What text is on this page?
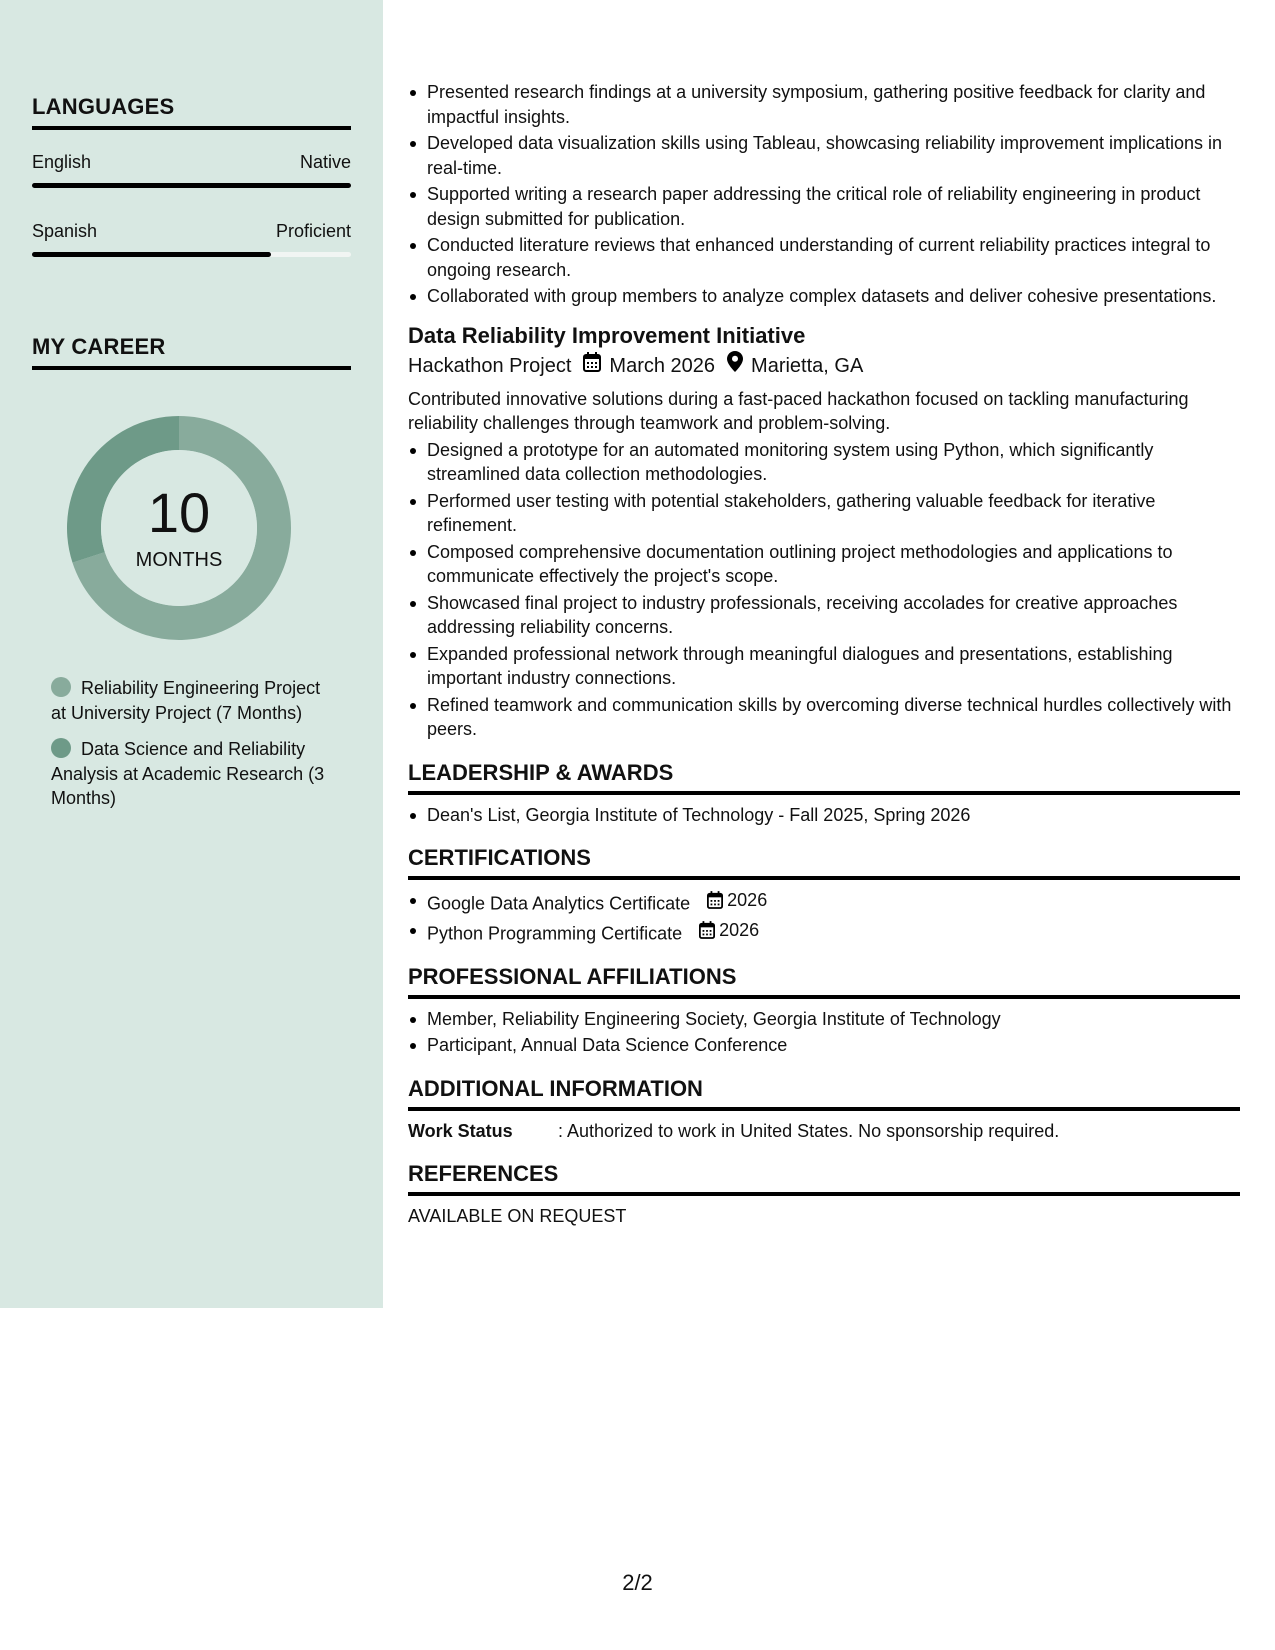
LANGUAGES
English	Native
Spanish	Proficient
MY CAREER
10
MONTHS
Reliability Engineering Project at University Project (7 Months)
Data Science and Reliability Analysis at Academic Research (3 Months)
Presented research findings at a university symposium, gathering positive feedback for clarity and impactful insights.
Developed data visualization skills using Tableau, showcasing reliability improvement implications in real-time.
Supported writing a research paper addressing the critical role of reliability engineering in product design submitted for publication.
Conducted literature reviews that enhanced understanding of current reliability practices integral to ongoing research.
Collaborated with group members to analyze complex datasets and deliver cohesive presentations.
Data Reliability Improvement Initiative
Hackathon Project March 2026 Marietta, GA
Contributed innovative solutions during a fast-paced hackathon focused on tackling manufacturing reliability challenges through teamwork and problem-solving.
Designed a prototype for an automated monitoring system using Python, which significantly streamlined data collection methodologies.
Performed user testing with potential stakeholders, gathering valuable feedback for iterative refinement.
Composed comprehensive documentation outlining project methodologies and applications to communicate effectively the project's scope.
Showcased final project to industry professionals, receiving accolades for creative approaches addressing reliability concerns.
Expanded professional network through meaningful dialogues and presentations, establishing important industry connections.
Refined teamwork and communication skills by overcoming diverse technical hurdles collectively with peers.
LEADERSHIP & AWARDS
Dean's List, Georgia Institute of Technology - Fall 2025, Spring 2026
CERTIFICATIONS
Google Data Analytics Certificate 2026
Python Programming Certificate 2026
PROFESSIONAL AFFILIATIONS
Member, Reliability Engineering Society, Georgia Institute of Technology
Participant, Annual Data Science Conference
ADDITIONAL INFORMATION
Work Status	: Authorized to work in United States. No sponsorship required.
REFERENCES
AVAILABLE ON REQUEST
2/2
